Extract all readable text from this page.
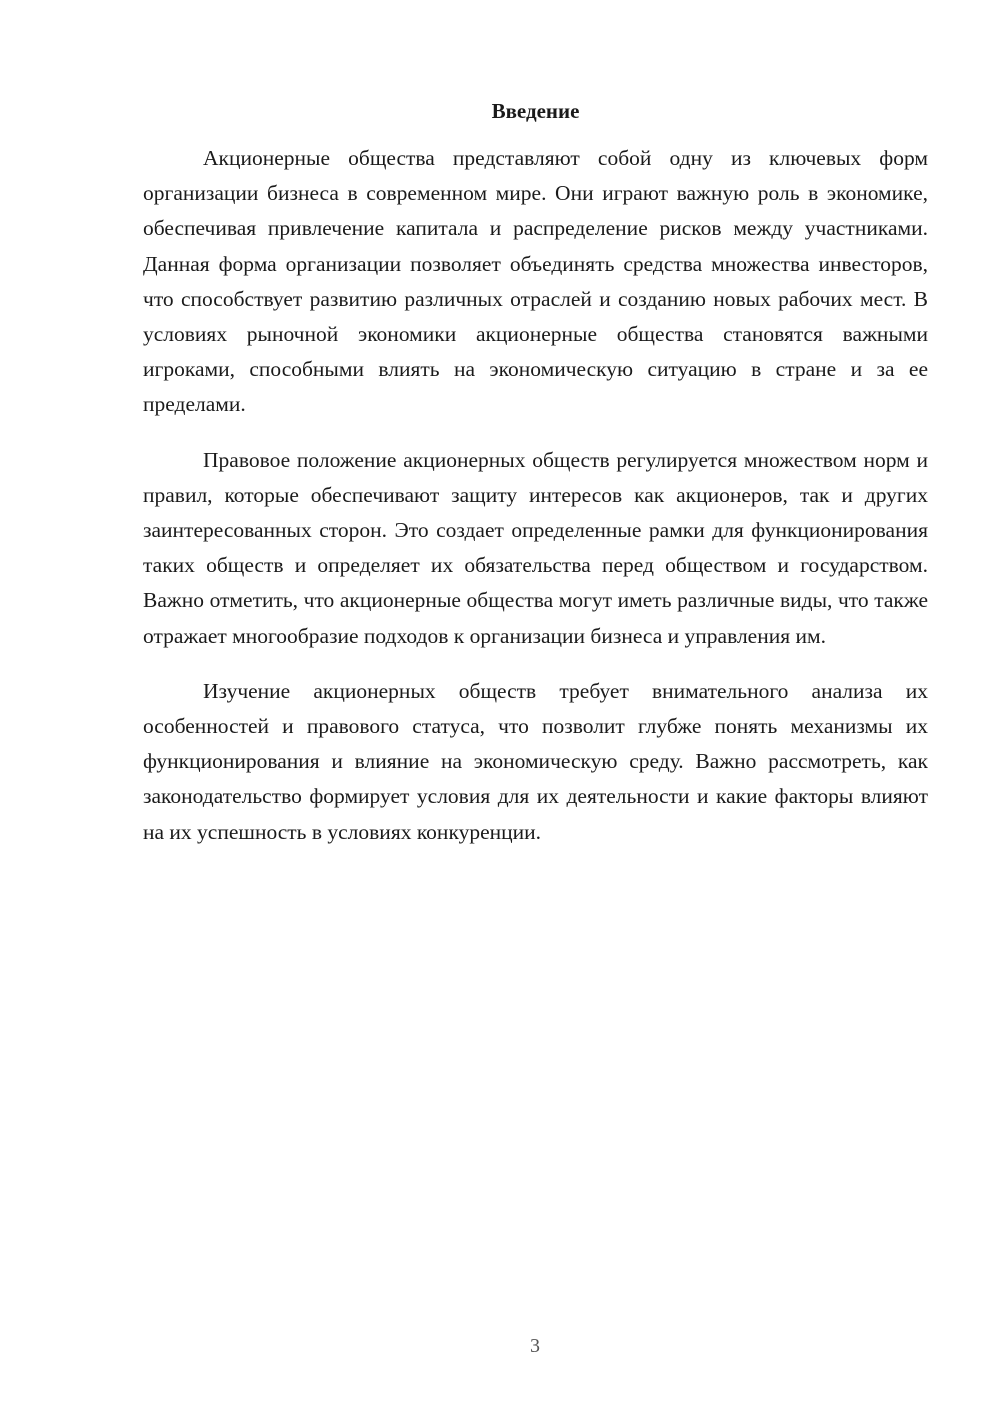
Введение

Акционерные общества представляют собой одну из ключевых форм организации бизнеса в современном мире. Они играют важную роль в экономике, обеспечивая привлечение капитала и распределение рисков между участниками. Данная форма организации позволяет объединять средства множества инвесторов, что способствует развитию различных отраслей и созданию новых рабочих мест. В условиях рыночной экономики акционерные общества становятся важными игроками, способными влиять на экономическую ситуацию в стране и за ее пределами.

Правовое положение акционерных обществ регулируется множеством норм и правил, которые обеспечивают защиту интересов как акционеров, так и других заинтересованных сторон. Это создает определенные рамки для функционирования таких обществ и определяет их обязательства перед обществом и государством. Важно отметить, что акционерные общества могут иметь различные виды, что также отражает многообразие подходов к организации бизнеса и управления им.

Изучение акционерных обществ требует внимательного анализа их особенностей и правового статуса, что позволит глубже понять механизмы их функционирования и влияние на экономическую среду. Важно рассмотреть, как законодательство формирует условия для их деятельности и какие факторы влияют на их успешность в условиях конкуренции.

3
